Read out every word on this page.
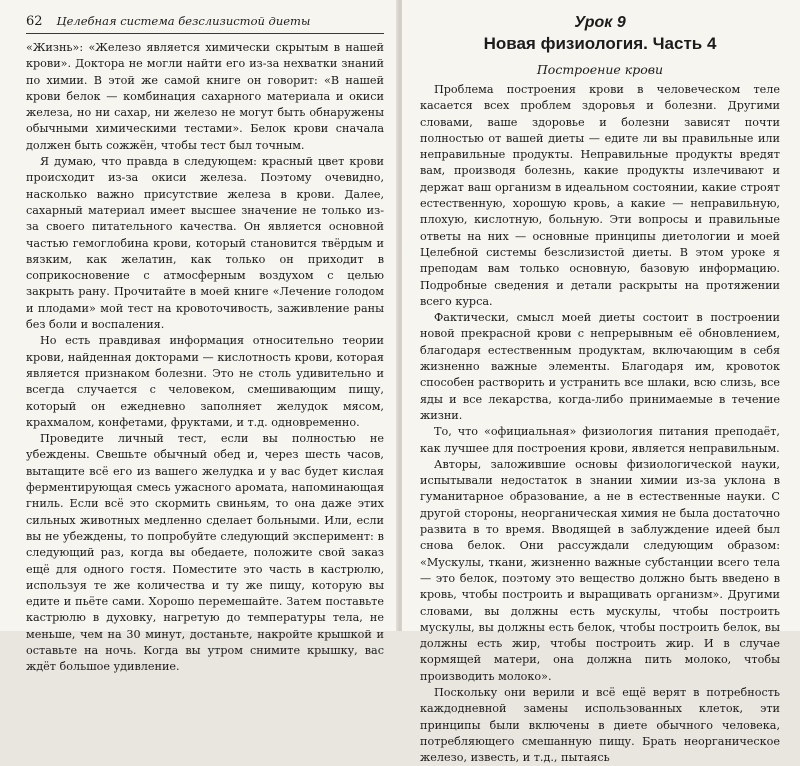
62 Целебная система безслизистой диеты

«Жизнь»: «Железо является химически скрытым в нашей крови». Доктора не могли найти его из-за нехватки знаний по химии. В этой же самой книге он говорит: «В нашей крови белок — комбинация сахарного материала и окиси железа, но ни сахар, ни железо не могут быть обнаружены обычными химическими тестами». Белок крови сначала должен быть сожжён, чтобы тест был точным.

Я думаю, что правда в следующем: красный цвет крови происходит из-за окиси железа. Поэтому очевидно, насколько важно присутствие железа в крови. Далее, сахарный материал имеет высшее значение не только из-за своего питательного качества. Он является основной частью гемоглобина крови, который становится твёрдым и вязким, как желатин, как только он приходит в соприкосновение с атмосферным воздухом с целью закрыть рану. Прочитайте в моей книге «Лечение голодом и плодами» мой тест на кровоточивость, заживление раны без боли и воспаления.

Но есть правдивая информация относительно теории крови, найденная докторами — кислотность крови, которая является признаком болезни. Это не столь удивительно и всегда случается с человеком, смешивающим пищу, который он ежедневно заполняет желудок мясом, крахмалом, конфетами, фруктами, и т.д. одновременно.

Проведите личный тест, если вы полностью не убеждены. Свешьте обычный обед и, через шесть часов, вытащите всё его из вашего желудка и у вас будет кислая ферментирующая смесь ужасного аромата, напоминающая гниль. Если всё это скормить свиньям, то она даже этих сильных животных медленно сделает больными. Или, если вы не убеждены, то попробуйте следующий эксперимент: в следующий раз, когда вы обедаете, положите свой заказ ещё для одного гостя. Поместите это часть в кастрюлю, используя те же количества и ту же пищу, которую вы едите и пьёте сами. Хорошо перемешайте. Затем поставьте кастрюлю в духовку, нагретую до температуры тела, не меньше, чем на 30 минут, достаньте, накройте крышкой и оставьте на ночь. Когда вы утром снимите крышку, вас ждёт большое удивление.

Урок 9
Новая физиология. Часть 4
Построение крови

Проблема построения крови в человеческом теле касается всех проблем здоровья и болезни. Другими словами, ваше здоровье и болезни зависят почти полностью от вашей диеты — едите ли вы правильные или неправильные продукты. Неправильные продукты вредят вам, производя болезнь, какие продукты излечивают и держат ваш организм в идеальном состоянии, какие строят естественную, хорошую кровь, а какие — неправильную, плохую, кислотную, больную. Эти вопросы и правильные ответы на них — основные принципы диетологии и моей Целебной системы безслизистой диеты. В этом уроке я преподам вам только основную, базовую информацию. Подробные сведения и детали раскрыты на протяжении всего курса.

Фактически, смысл моей диеты состоит в построении новой прекрасной крови с непрерывным её обновлением, благодаря естественным продуктам, включающим в себя жизненно важные элементы. Благодаря им, кровоток способен растворить и устранить все шлаки, всю слизь, все яды и все лекарства, когда-либо принимаемые в течение жизни.

То, что «официальная» физиология питания преподаёт, как лучшее для построения крови, является неправильным.

Авторы, заложившие основы физиологической науки, испытывали недостаток в знании химии из-за уклона в гуманитарное образование, а не в естественные науки. С другой стороны, неорганическая химия не была достаточно развита в то время. Вводящей в заблуждение идеей был снова белок. Они рассуждали следующим образом: «Мускулы, ткани, жизненно важные субстанции всего тела — это белок, поэтому это вещество должно быть введено в кровь, чтобы построить и выращивать организм». Другими словами, вы должны есть мускулы, чтобы построить мускулы, вы должны есть белок, чтобы построить белок, вы должны есть жир, чтобы построить жир. И в случае кормящей матери, она должна пить молоко, чтобы производить молоко».

Поскольку они верили и всё ещё верят в потребность каждодневной замены использованных клеток, эти принципы были включены в диете обычного человека, потребляющего смешанную пищу. Брать неорганическое железо, известь, и т.д., пытаясь
